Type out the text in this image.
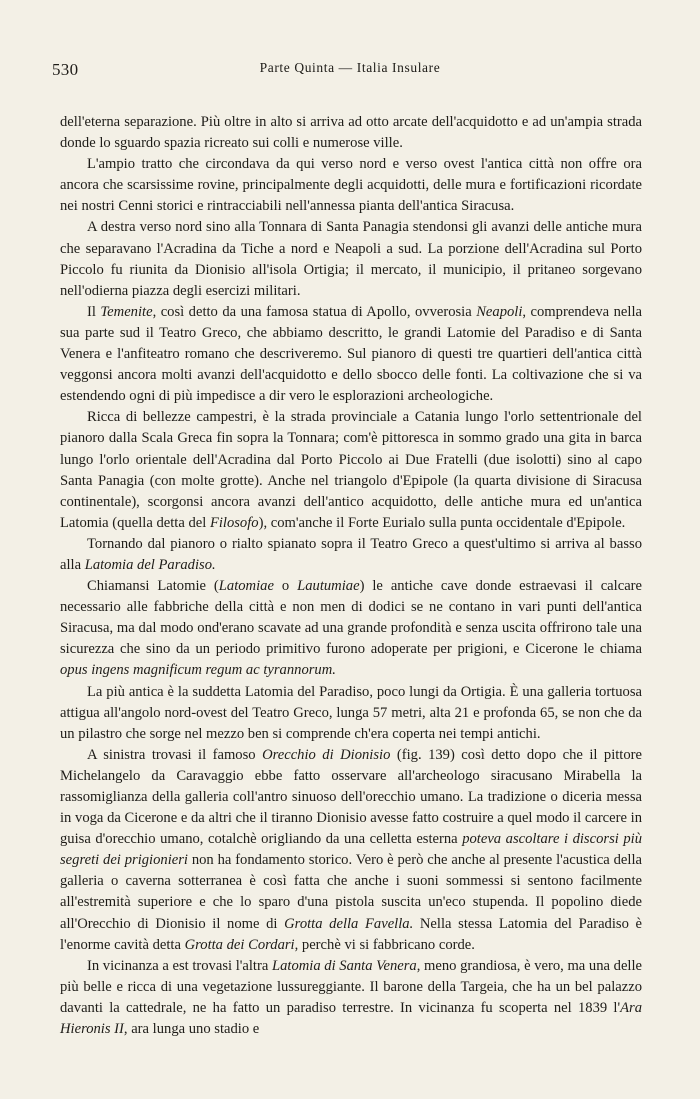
530	Parte Quinta — Italia Insulare

dell'eterna separazione. Più oltre in alto si arriva ad otto arcate dell'acquidotto e ad un'ampia strada donde lo sguardo spazia ricreato sui colli e numerose ville.

L'ampio tratto che circondava da qui verso nord e verso ovest l'antica città non offre ora ancora che scarsissime rovine, principalmente degli acquidotti, delle mura e fortificazioni ricordate nei nostri Cenni storici e rintracciabili nell'annessa pianta dell'antica Siracusa.

A destra verso nord sino alla Tonnara di Santa Panagia stendonsi gli avanzi delle antiche mura che separavano l'Acradina da Tiche a nord e Neapoli a sud. La porzione dell'Acradina sul Porto Piccolo fu riunita da Dionisio all'isola Ortigia; il mercato, il municipio, il pritaneo sorgevano nell'odierna piazza degli esercizi militari.

Il Temenite, così detto da una famosa statua di Apollo, ovverosia Neapoli, comprendeva nella sua parte sud il Teatro Greco, che abbiamo descritto, le grandi Latomie del Paradiso e di Santa Venera e l'anfiteatro romano che descriveremo. Sul pianoro di questi tre quartieri dell'antica città veggonsi ancora molti avanzi dell'acquidotto e dello sbocco delle fonti. La coltivazione che si va estendendo ogni di più impedisce a dir vero le esplorazioni archeologiche.

Ricca di bellezze campestri, è la strada provinciale a Catania lungo l'orlo settentrionale del pianoro dalla Scala Greca fin sopra la Tonnara; com'è pittoresca in sommo grado una gita in barca lungo l'orlo orientale dell'Acradina dal Porto Piccolo ai Due Fratelli (due isolotti) sino al capo Santa Panagia (con molte grotte). Anche nel triangolo d'Epipole (la quarta divisione di Siracusa continentale), scorgonsi ancora avanzi dell'antico acquidotto, delle antiche mura ed un'antica Latomia (quella detta del Filosofo), com'anche il Forte Eurialo sulla punta occidentale d'Epipole.

Tornando dal pianoro o rialto spianato sopra il Teatro Greco a quest'ultimo si arriva al basso alla Latomia del Paradiso.

Chiamansi Latomie (Latomiae o Lautumiae) le antiche cave donde estraevasi il calcare necessario alle fabbriche della città e non men di dodici se ne contano in vari punti dell'antica Siracusa, ma dal modo ond'erano scavate ad una grande profondità e senza uscita offrirono tale una sicurezza che sino da un periodo primitivo furono adoperate per prigioni, e Cicerone le chiama opus ingens magnificum regum ac tyrannorum.

La più antica è la suddetta Latomia del Paradiso, poco lungi da Ortigia. È una galleria tortuosa attigua all'angolo nord-ovest del Teatro Greco, lunga 57 metri, alta 21 e profonda 65, se non che da un pilastro che sorge nel mezzo ben si comprende ch'era coperta nei tempi antichi.

A sinistra trovasi il famoso Orecchio di Dionisio (fig. 139) così detto dopo che il pittore Michelangelo da Caravaggio ebbe fatto osservare all'archeologo siracusano Mirabella la rassomiglianza della galleria coll'antro sinuoso dell'orecchio umano. La tradizione o diceria messa in voga da Cicerone e da altri che il tiranno Dionisio avesse fatto costruire a quel modo il carcere in guisa d'orecchio umano, cotalchè origliando da una celletta esterna poteva ascoltare i discorsi più segreti dei prigionieri non ha fondamento storico. Vero è però che anche al presente l'acustica della galleria o caverna sotterranea è così fatta che anche i suoni sommessi si sentono facilmente all'estremità superiore e che lo sparo d'una pistola suscita un'eco stupenda. Il popolino diede all'Orecchio di Dionisio il nome di Grotta della Favella. Nella stessa Latomia del Paradiso è l'enorme cavità detta Grotta dei Cordari, perchè vi si fabbricano corde.

In vicinanza a est trovasi l'altra Latomia di Santa Venera, meno grandiosa, è vero, ma una delle più belle e ricca di una vegetazione lussureggiante. Il barone della Targeia, che ha un bel palazzo davanti la cattedrale, ne ha fatto un paradiso terrestre. In vicinanza fu scoperta nel 1839 l'Ara Hieronis II, ara lunga uno stadio e
